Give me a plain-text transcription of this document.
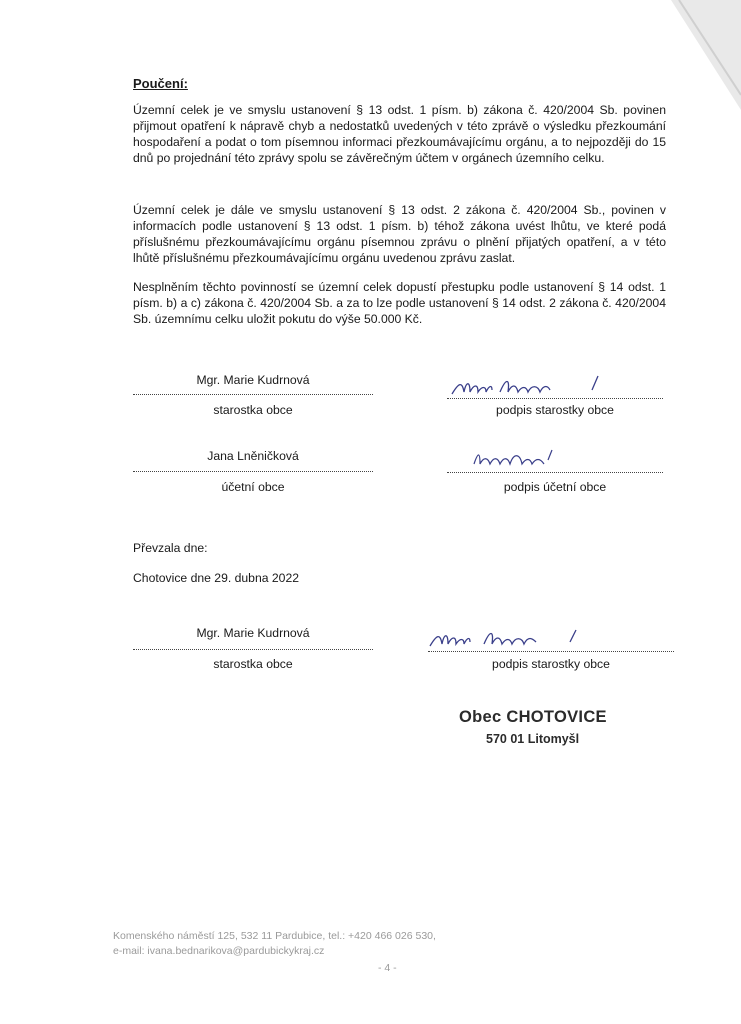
Poučení:

Územní celek je ve smyslu ustanovení § 13 odst. 1 písm. b) zákona č. 420/2004 Sb. povinen přijmout opatření k nápravě chyb a nedostatků uvedených v této zprávě o výsledku přezkoumání hospodaření a podat o tom písemnou informaci přezkoumávajícímu orgánu, a to nejpozději do 15 dnů po projednání této zprávy spolu se závěrečným účtem v orgánech územního celku.

Územní celek je dále ve smyslu ustanovení § 13 odst. 2 zákona č. 420/2004 Sb., povinen v informacích podle ustanovení § 13 odst. 1 písm. b) téhož zákona uvést lhůtu, ve které podá příslušnému přezkoumávajícímu orgánu písemnou zprávu o plnění přijatých opatření, a v této lhůtě příslušnému přezkoumávajícímu orgánu uvedenou zprávu zaslat.

Nesplněním těchto povinností se územní celek dopustí přestupku podle ustanovení § 14 odst. 1 písm. b) a c) zákona č. 420/2004 Sb. a za to lze podle ustanovení § 14 odst. 2 zákona č. 420/2004 Sb. územnímu celku uložit pokutu do výše 50.000 Kč.

Mgr. Marie Kudrnová
starostka obce	podpis starostky obce
Jana Lněničková
účetní obce	podpis účetní obce
Převzala dne:
Chotovice dne 29. dubna 2022
Mgr. Marie Kudrnová
starostka obce	podpis starostky obce
Obec CHOTOVICE
570 01 Litomyšl
Komenského náměstí 125, 532 11 Pardubice, tel.: +420 466 026 530,
e-mail: ivana.bednarikova@pardubickykraj.cz
- 4 -
